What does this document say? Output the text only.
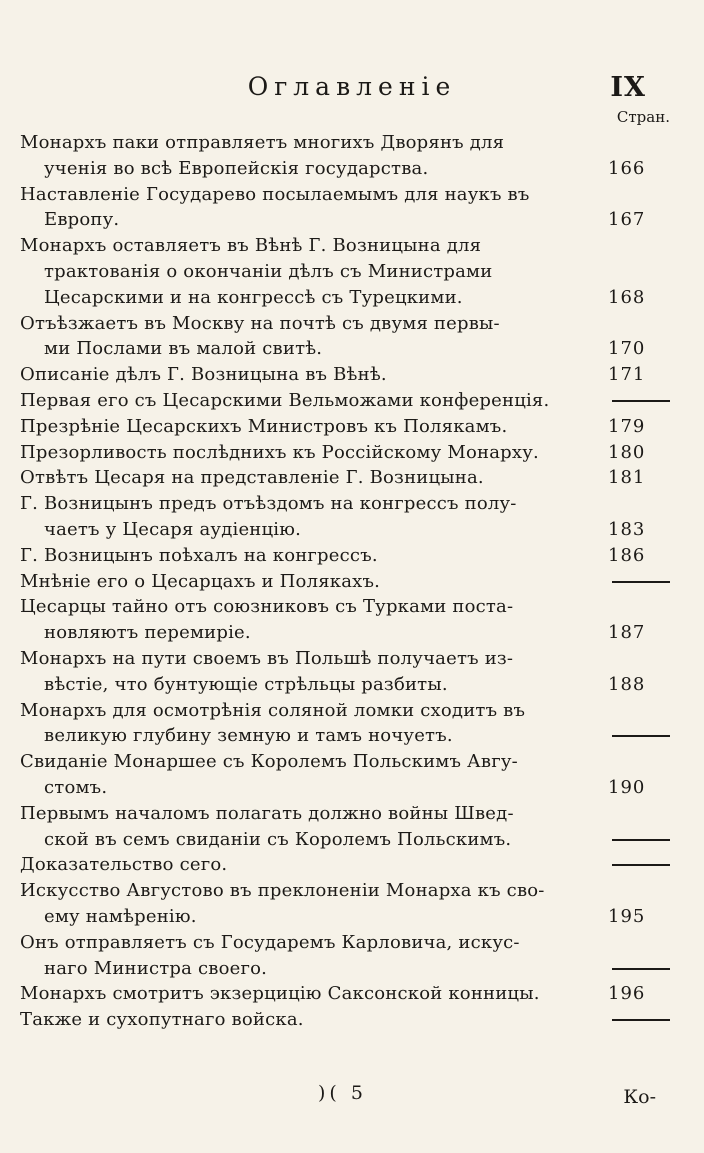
Оглавленіе	IX
Стран.
Монархъ паки отправляетъ многихъ Дворянъ для
ученія во всѣ Европейскія государства.	166
Наставленіе Государево посылаемымъ для наукъ въ
Европу.	167
Монархъ оставляетъ въ Вѣнѣ Г. Возницына для
трактованія о окончаніи дѣлъ съ Министрами
Цесарскими и на конгрессѣ съ Турецкими.	168
Отъѣзжаетъ въ Москву на почтѣ съ двумя первы-
ми Послами въ малой свитѣ.	170
Описаніе дѣлъ Г. Возницына въ Вѣнѣ.	171
Первая его съ Цесарскими Вельможами конференція.
Презрѣніе Цесарскихъ Министровъ къ Полякамъ.	179
Презорливость послѣднихъ къ Россійскому Монарху.	180
Отвѣтъ Цесаря на представленіе Г. Возницына.	181
Г. Возницынъ предъ отъѣздомъ на конгрессъ полу-
чаетъ у Цесаря аудіенцію.	183
Г. Возницынъ поѣхалъ на конгрессъ.	186
Мнѣніе его о Цесарцахъ и Полякахъ.
Цесарцы тайно отъ союзниковъ съ Турками поста-
новляютъ перемиріе.	187
Монархъ на пути своемъ въ Польшѣ получаетъ из-
вѣстіе, что бунтующіе стрѣльцы разбиты.	188
Монархъ для осмотрѣнія соляной ломки сходитъ въ
великую глубину земную и тамъ ночуетъ.
Свиданіе Монаршее съ Королемъ Польскимъ Авгу-
стомъ.	190
Первымъ началомъ полагать должно войны Швед-
ской въ семъ свиданіи съ Королемъ Польскимъ.
Доказательство сего.
Искусство Августово въ преклоненіи Монарха къ сво-
ему намѣренію.	195
Онъ отправляетъ съ Государемъ Карловича, искус-
наго Министра своего.
Монархъ смотритъ экзерцицію Саксонской конницы.	196
Также и сухопутнаго войска.
)( 5	Ко-
